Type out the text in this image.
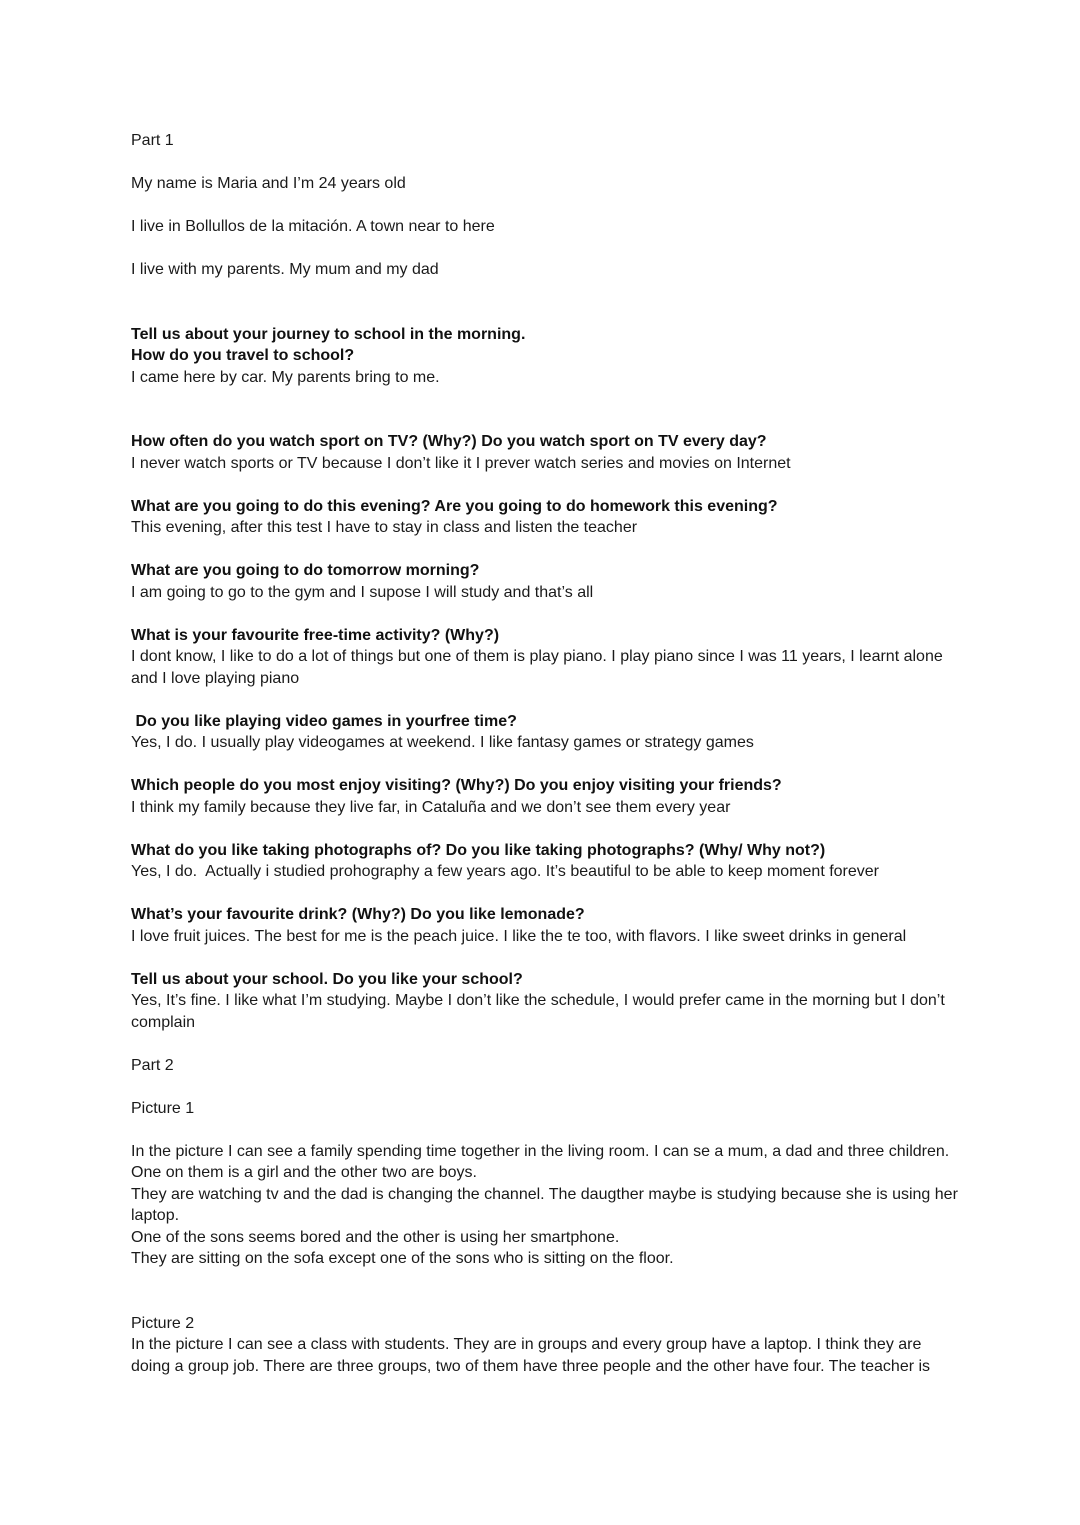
Part 1

My name is Maria and I’m 24 years old

I live in Bollullos de la mitación. A town near to here

I live with my parents. My mum and my dad

Tell us about your journey to school in the morning.

How do you travel to school?

I came here by car. My parents bring to me.

How often do you watch sport on TV? (Why?) Do you watch sport on TV every day?

I never watch sports or TV because I don’t like it I prever watch series and movies on Internet

What are you going to do this evening? Are you going to do homework this evening?

This evening, after this test I have to stay in class and listen the teacher

What are you going to do tomorrow morning?

I am going to go to the gym and I supose I will study and that’s all

What is your favourite free-time activity? (Why?)

I dont know, I like to do a lot of things but one of them is play piano. I play piano since I was 11 years, I learnt alone and I love playing piano

Do you like playing video games in yourfree time?

Yes, I do. I usually play videogames at weekend. I like fantasy games or strategy games

Which people do you most enjoy visiting? (Why?) Do you enjoy visiting your friends?

I think my family because they live far, in Cataluña and we don’t see them every year

What do you like taking photographs of? Do you like taking photographs? (Why/ Why not?)

Yes, I do.  Actually i studied prohography a few years ago. It’s beautiful to be able to keep moment forever

What’s your favourite drink? (Why?) Do you like lemonade?

I love fruit juices. The best for me is the peach juice. I like the te too, with flavors. I like sweet drinks in general

Tell us about your school. Do you like your school?

Yes, It’s fine. I like what I’m studying. Maybe I don’t like the schedule, I would prefer came in the morning but I don’t complain

Part 2

Picture 1

In the picture I can see a family spending time together in the living room. I can se a mum, a dad and three children. One on them is a girl and the other two are boys.

They are watching tv and the dad is changing the channel. The daugther maybe is studying because she is using her laptop.

One of the sons seems bored and the other is using her smartphone.

They are sitting on the sofa except one of the sons who is sitting on the floor.

Picture 2

In the picture I can see a class with students. They are in groups and every group have a laptop. I think they are doing a group job. There are three groups, two of them have three people and the other have four. The teacher is
